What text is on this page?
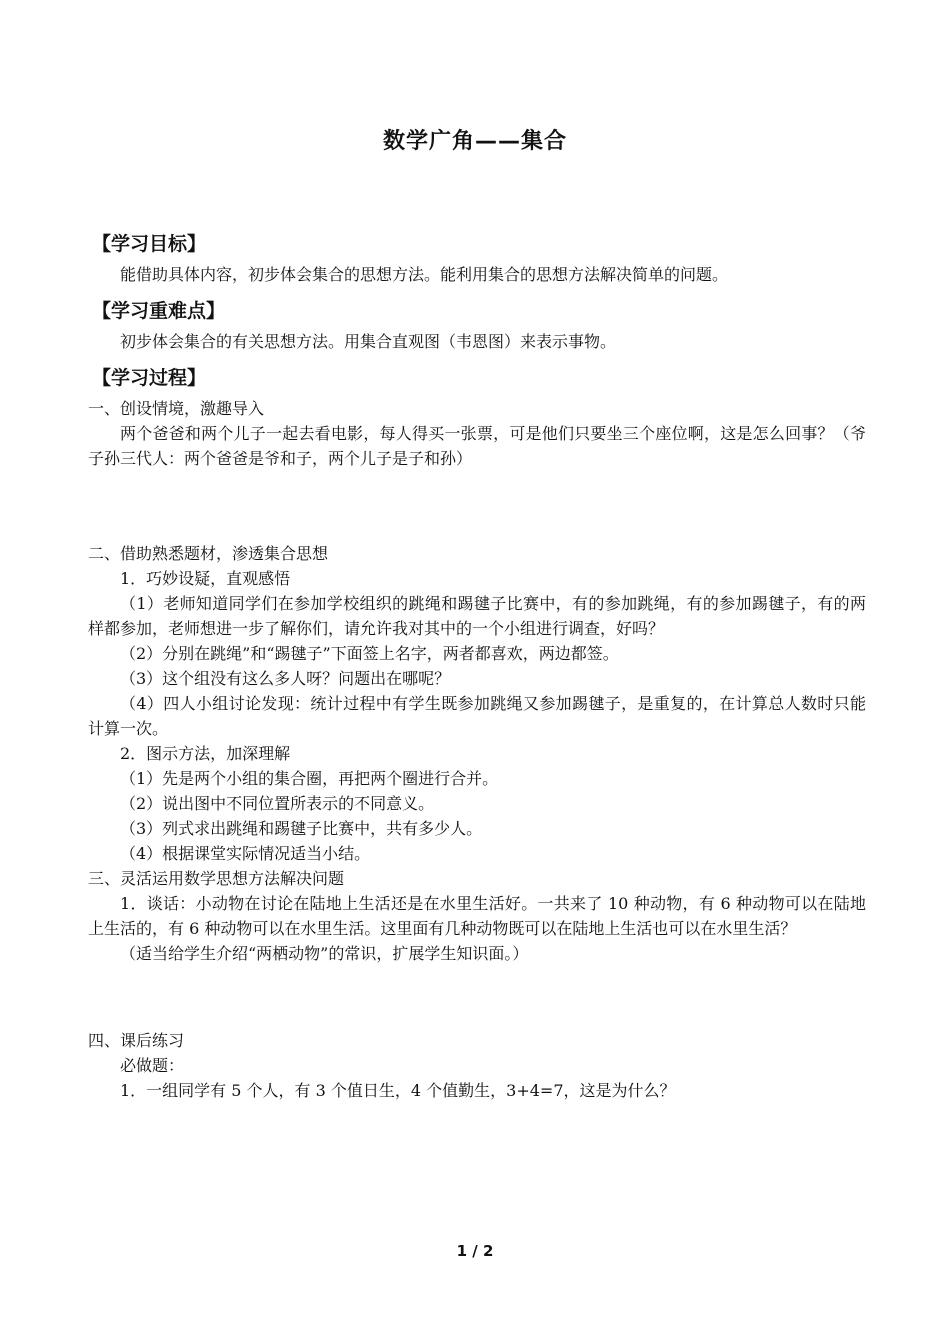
数学广角——集合
【学习目标】
能借助具体内容，初步体会集合的思想方法。能利用集合的思想方法解决简单的问题。
【学习重难点】
初步体会集合的有关思想方法。用集合直观图（韦恩图）来表示事物。
【学习过程】
一、创设情境，激趣导入
两个爸爸和两个儿子一起去看电影，每人得买一张票，可是他们只要坐三个座位啊，这是怎么回事？（爷子孙三代人：两个爸爸是爷和子，两个儿子是子和孙）
二、借助熟悉题材，渗透集合思想
1．巧妙设疑，直观感悟
（1）老师知道同学们在参加学校组织的跳绳和踢毽子比赛中，有的参加跳绳，有的参加踢毽子，有的两样都参加，老师想进一步了解你们，请允许我对其中的一个小组进行调查，好吗？
（2）分别在跳绳”和“踢毽子”下面签上名字，两者都喜欢，两边都签。
（3）这个组没有这么多人呀？问题出在哪呢？
（4）四人小组讨论发现：统计过程中有学生既参加跳绳又参加踢毽子，是重复的，在计算总人数时只能计算一次。
2．图示方法，加深理解
（1）先是两个小组的集合圈，再把两个圈进行合并。
（2）说出图中不同位置所表示的不同意义。
（3）列式求出跳绳和踢毽子比赛中，共有多少人。
（4）根据课堂实际情况适当小结。
三、灵活运用数学思想方法解决问题
1．谈话：小动物在讨论在陆地上生活还是在水里生活好。一共来了 10 种动物，有 6 种动物可以在陆地上生活的，有 6 种动物可以在水里生活。这里面有几种动物既可以在陆地上生活也可以在水里生活？
（适当给学生介绍“两栖动物”的常识，扩展学生知识面。）
四、课后练习
必做题：
1．一组同学有 5 个人，有 3 个值日生，4 个值勤生，3+4=7，这是为什么？
1 / 2
